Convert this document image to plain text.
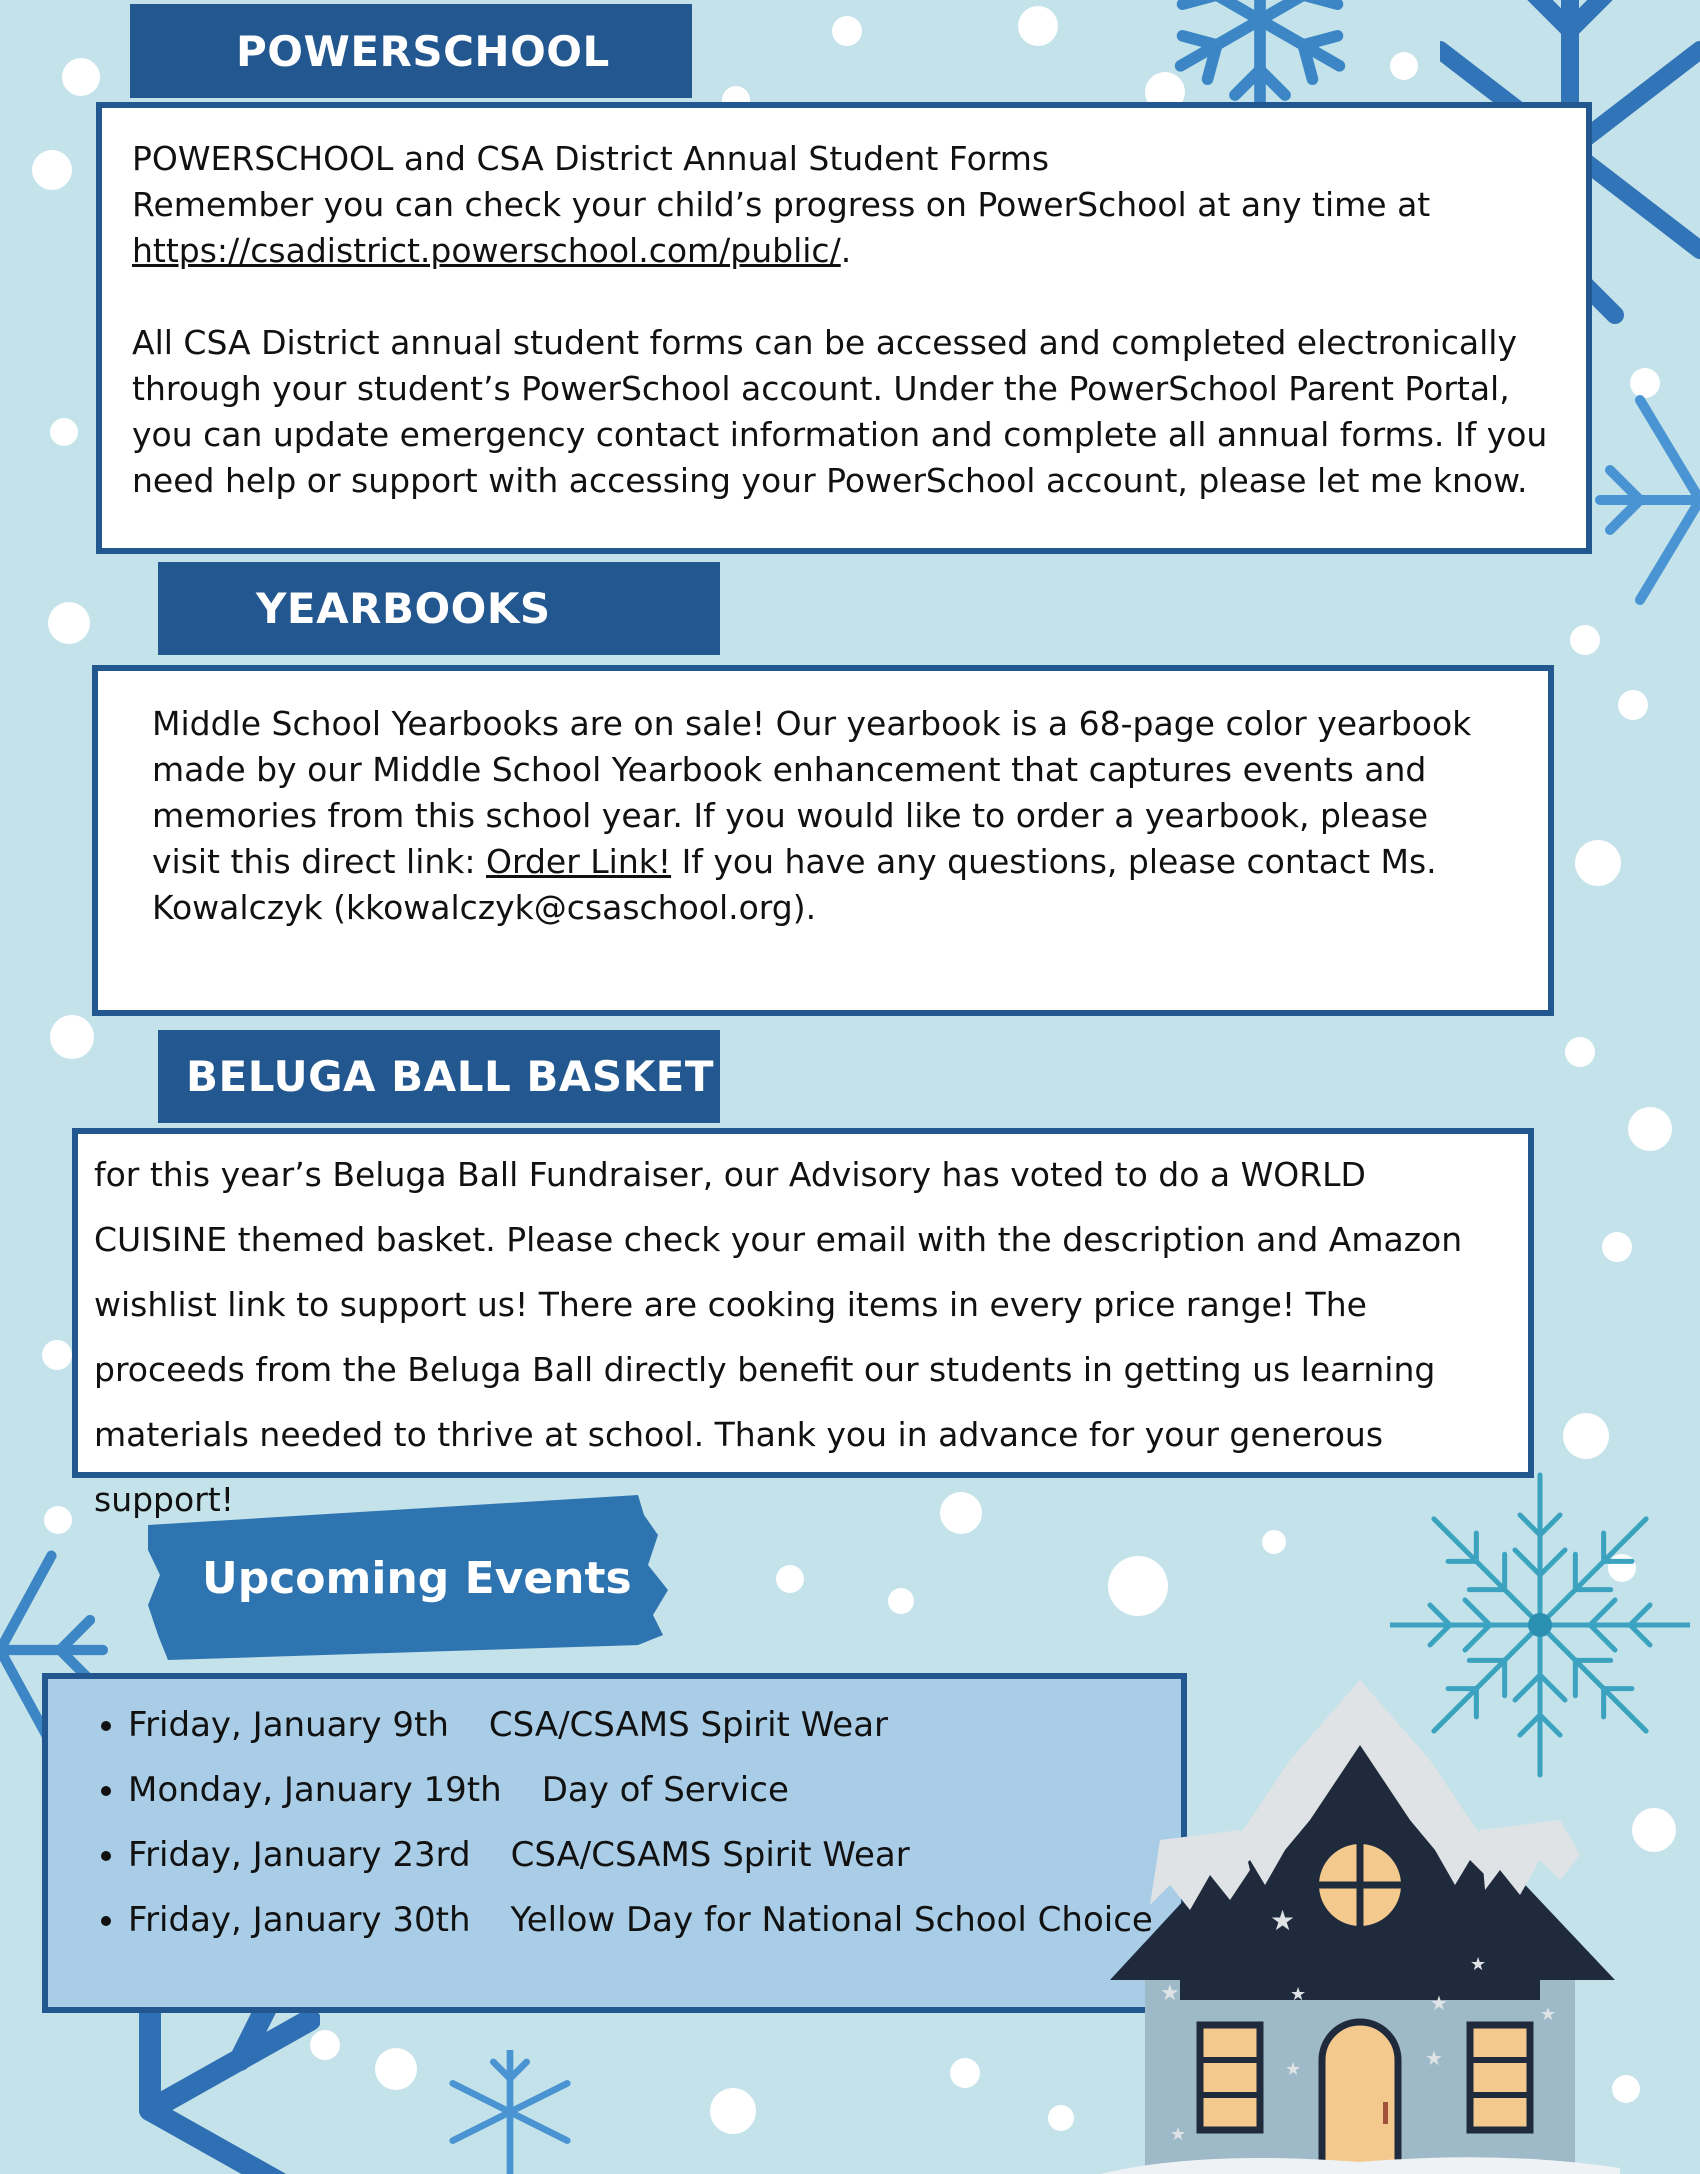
POWERSCHOOL

POWERSCHOOL and CSA District Annual Student Forms

Remember you can check your child’s progress on PowerSchool at any time at

https://csadistrict.powerschool.com/public/.

All CSA District annual student forms can be accessed and completed electronically through your student’s PowerSchool account. Under the PowerSchool Parent Portal, you can update emergency contact information and complete all annual forms. If you need help or support with accessing your PowerSchool account, please let me know.

YEARBOOKS

Middle School Yearbooks are on sale! Our yearbook is a 68-page color yearbook made by our Middle School Yearbook enhancement that captures events and memories from this school year. If you would like to order a yearbook, please visit this direct link: Order Link! If you have any questions, please contact Ms. Kowalczyk (kkowalczyk@csaschool.org).

BELUGA BALL BASKET

for this year’s Beluga Ball Fundraiser, our Advisory has voted to do a WORLD CUISINE themed basket. Please check your email with the description and Amazon wishlist link to support us! There are cooking items in every price range! The proceeds from the Beluga Ball directly benefit our students in getting us learning materials needed to thrive at school. Thank you in advance for your generous support!

Upcoming Events
• Friday, January 9th CSA/CSAMS Spirit Wear
• Monday, January 19th Day of Service
• Friday, January 23rd CSA/CSAMS Spirit Wear
• Friday, January 30th Yellow Day for National School Choice	★
★
★
★
★
★
★
★	★
★
